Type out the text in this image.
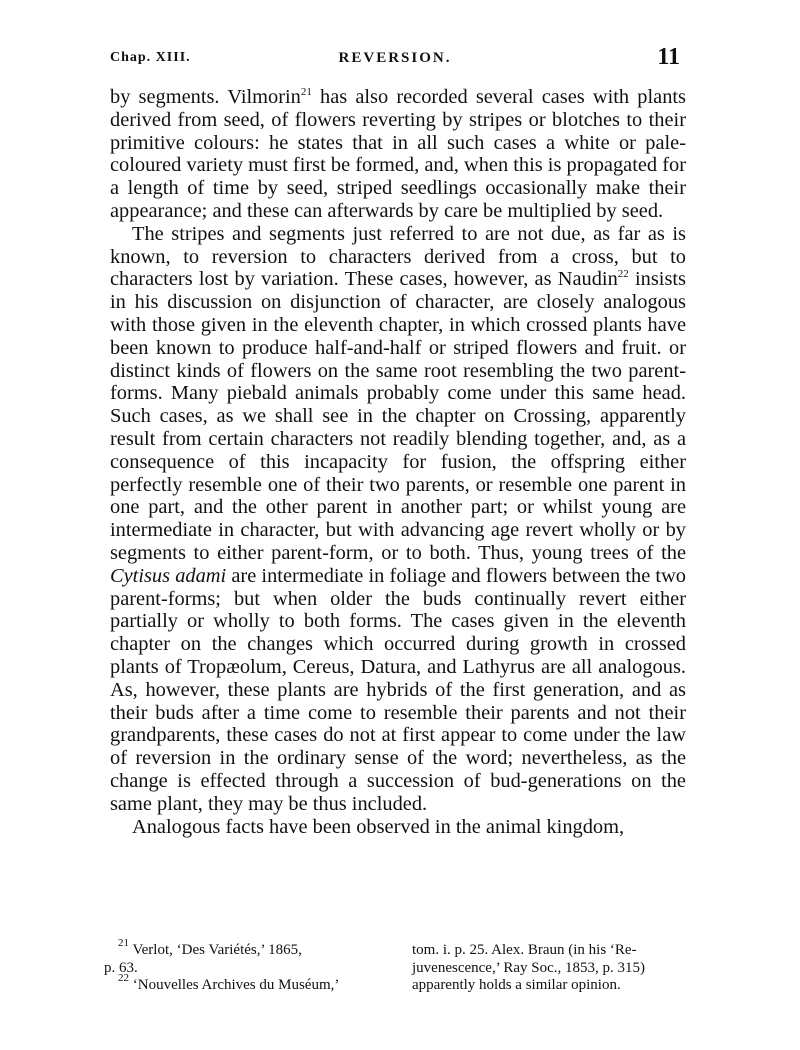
Chap. XIII.	REVERSION.	11

by segments. Vilmorin$^{21}$ has also recorded several cases with plants derived from seed, of flowers reverting by stripes or blotches to their primitive colours: he states that in all such cases a white or pale-coloured variety must first be formed, and, when this is propagated for a length of time by seed, striped seedlings occasionally make their appearance; and these can afterwards by care be multiplied by seed.

The stripes and segments just referred to are not due, as far as is known, to reversion to characters derived from a cross, but to characters lost by variation. These cases, however, as Naudin$^{22}$ insists in his discussion on disjunction of character, are closely analogous with those given in the eleventh chapter, in which crossed plants have been known to produce half-and-half or striped flowers and fruit. or distinct kinds of flowers on the same root resembling the two parent-forms. Many piebald animals probably come under this same head. Such cases, as we shall see in the chapter on Crossing, apparently result from certain characters not readily blending together, and, as a consequence of this incapacity for fusion, the offspring either perfectly resemble one of their two parents, or resemble one parent in one part, and the other parent in another part; or whilst young are intermediate in character, but with advancing age revert wholly or by segments to either parent-form, or to both. Thus, young trees of the Cytisus adami are intermediate in foliage and flowers between the two parent-forms; but when older the buds continually revert either partially or wholly to both forms. The cases given in the eleventh chapter on the changes which occurred during growth in crossed plants of Tropæolum, Cereus, Datura, and Lathyrus are all analogous. As, however, these plants are hybrids of the first generation, and as their buds after a time come to resemble their parents and not their grandparents, these cases do not at first appear to come under the law of reversion in the ordinary sense of the word; nevertheless, as the change is effected through a succession of bud-generations on the same plant, they may be thus included.

Analogous facts have been observed in the animal kingdom,

$^{21}$ Verlot, ‘Des Variétés,’ 1865,
p. 63.
$^{22}$ ‘Nouvelles Archives du Muséum,’
tom. i. p. 25. Alex. Braun (in his ‘Re-
juvenescence,’ Ray Soc., 1853, p. 315)
apparently holds a similar opinion.
